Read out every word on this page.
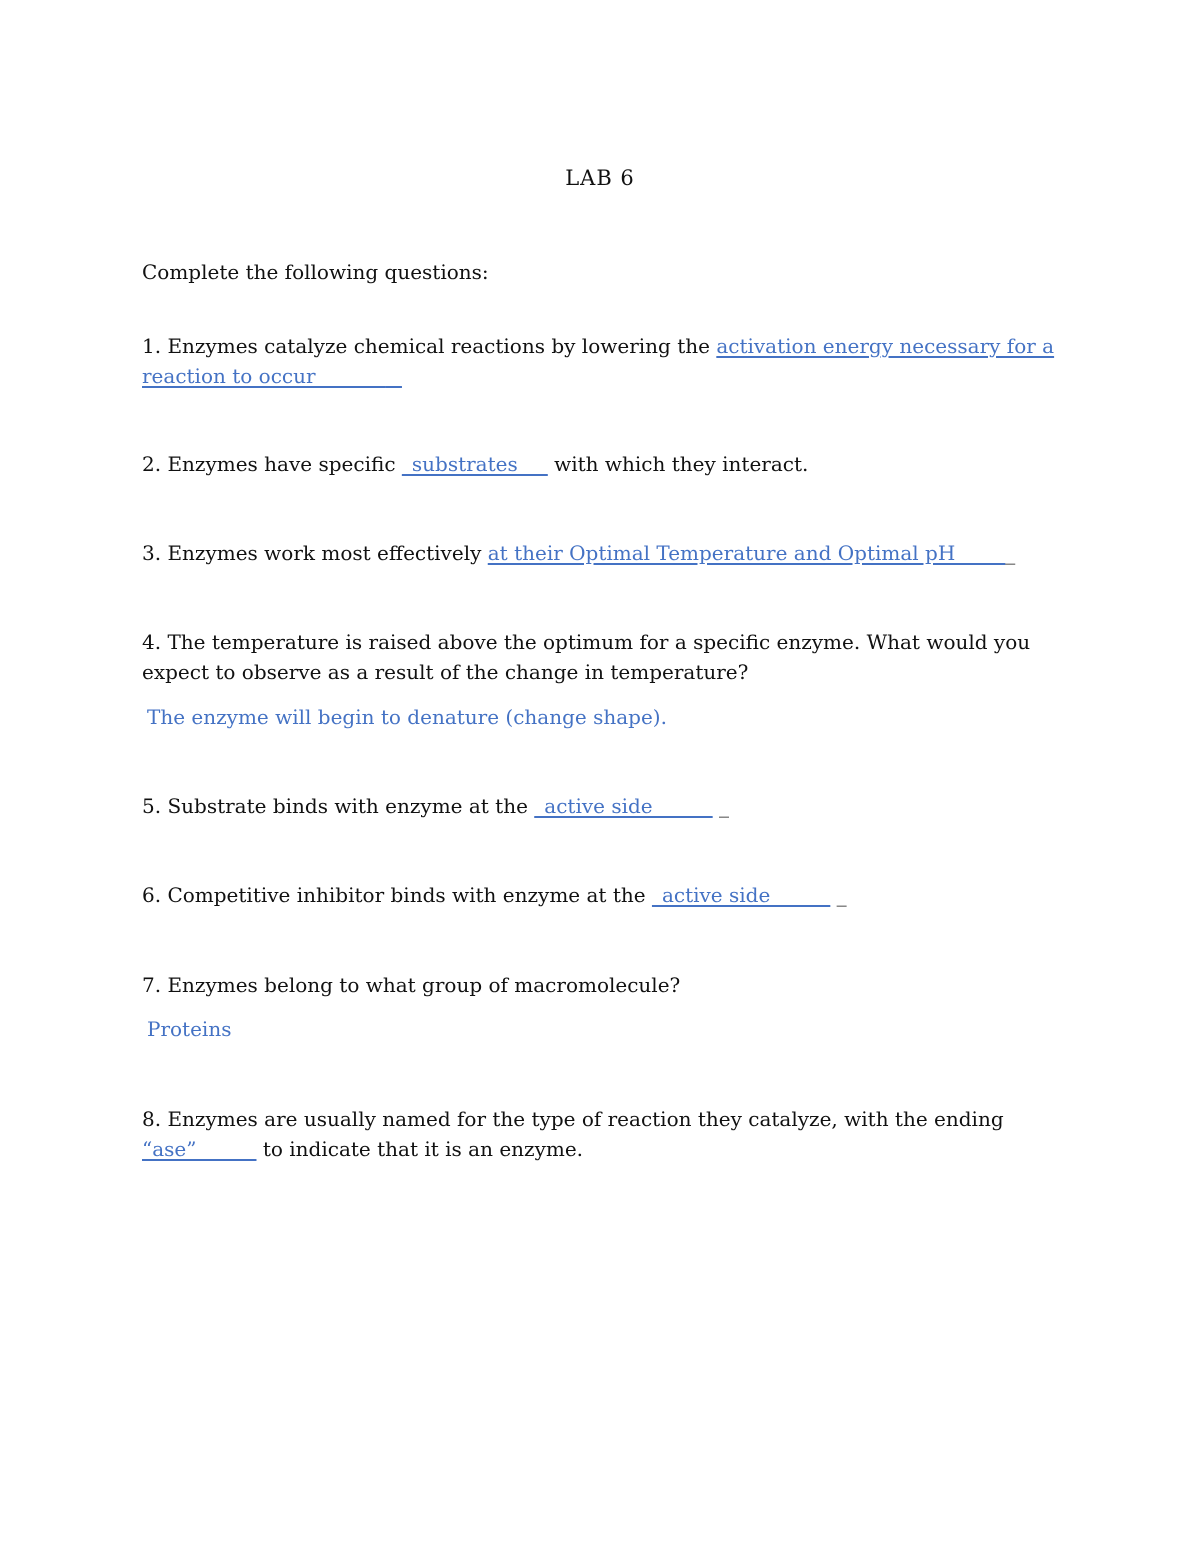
LAB 6
Complete the following questions:
1. Enzymes catalyze chemical reactions by lowering the activation energy necessary for a
reaction to occur_______ _
2. Enzymes have specific _substrates___ with which they interact.
3. Enzymes work most effectively at their Optimal Temperature and Optimal pH______
4. The temperature is raised above the optimum for a specific enzyme. What would you
expect to observe as a result of the change in temperature?
The enzyme will begin to denature (change shape).
5. Substrate binds with enzyme at the _active side______ _
6. Competitive inhibitor binds with enzyme at the _active side______ _
7. Enzymes belong to what group of macromolecule?
Proteins
8. Enzymes are usually named for the type of reaction they catalyze, with the ending
“ase”______ to indicate that it is an enzyme.
